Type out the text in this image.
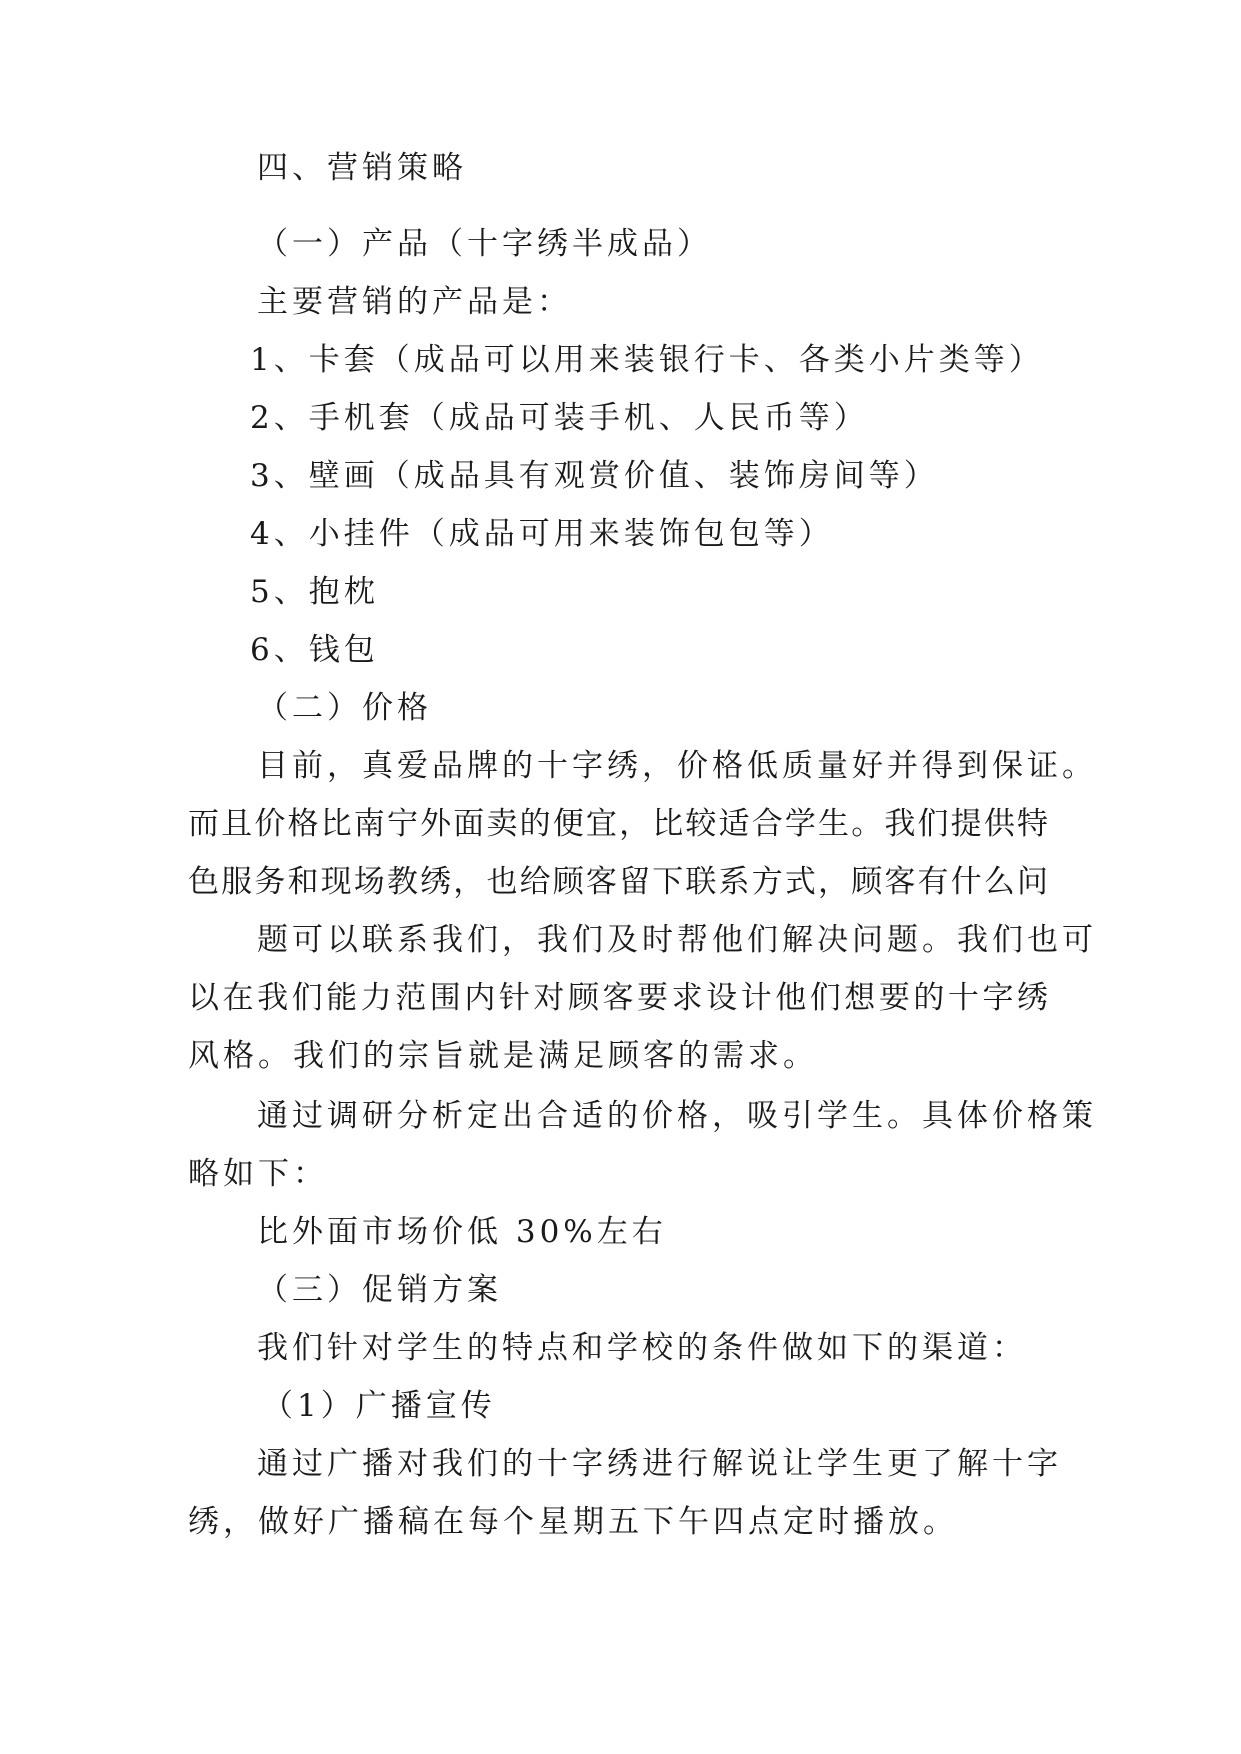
四、营销策略
（一）产品（十字绣半成品）
主要营销的产品是：
1、卡套（成品可以用来装银行卡、各类小片类等）
2、手机套（成品可装手机、人民币等）
3、壁画（成品具有观赏价值、装饰房间等）
4、小挂件（成品可用来装饰包包等）
5、抱枕
6、钱包
（二）价格
目前，真爱品牌的十字绣，价格低质量好并得到保证。
而且价格比南宁外面卖的便宜，比较适合学生。我们提供特
色服务和现场教绣，也给顾客留下联系方式，顾客有什么问
题可以联系我们，我们及时帮他们解决问题。我们也可
以在我们能力范围内针对顾客要求设计他们想要的十字绣
风格。我们的宗旨就是满足顾客的需求。
通过调研分析定出合适的价格，吸引学生。具体价格策
略如下：
比外面市场价低 30%左右
（三）促销方案
我们针对学生的特点和学校的条件做如下的渠道：
（1）广播宣传
通过广播对我们的十字绣进行解说让学生更了解十字
绣，做好广播稿在每个星期五下午四点定时播放。
